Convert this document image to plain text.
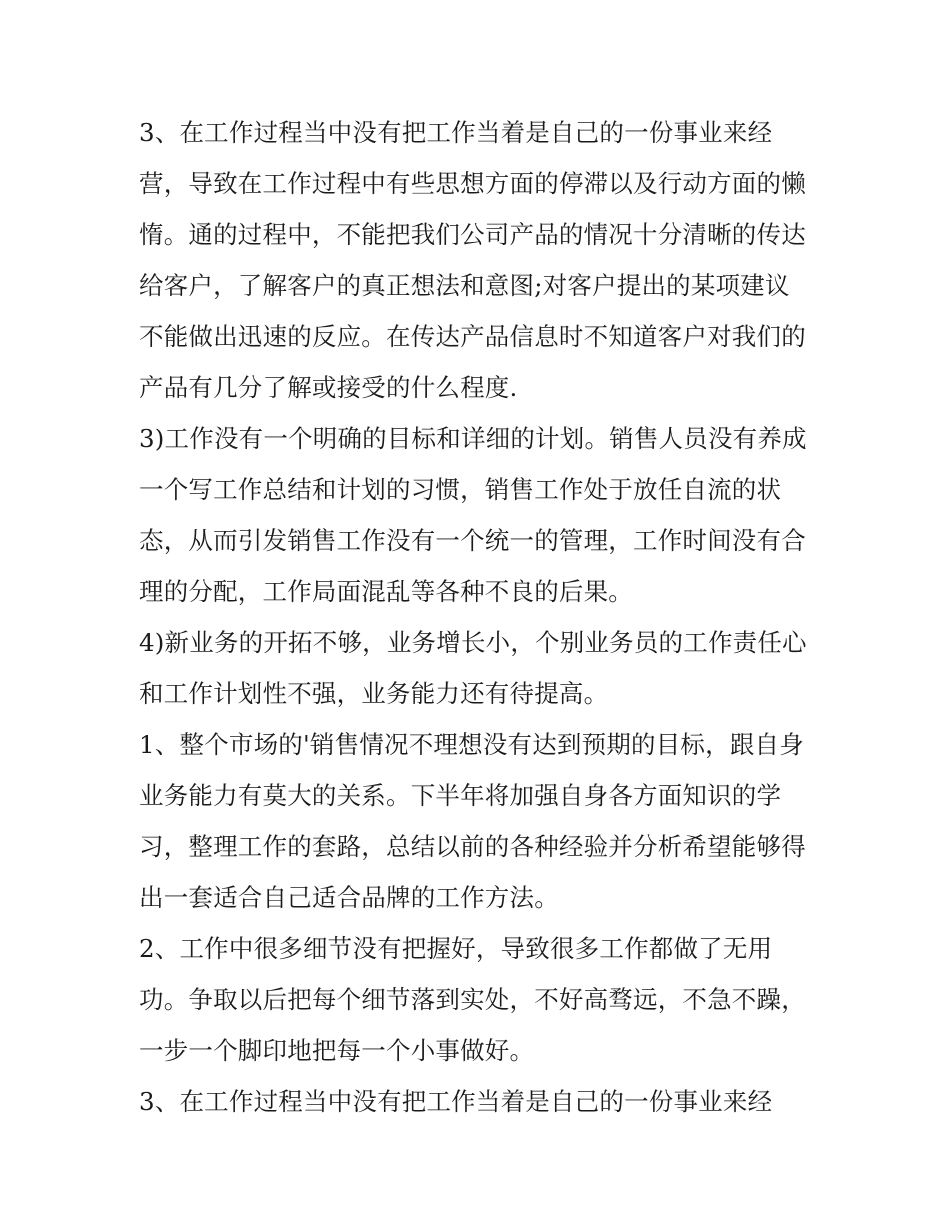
3、在工作过程当中没有把工作当着是自己的一份事业来经
营，导致在工作过程中有些思想方面的停滞以及行动方面的懒
惰。通的过程中，不能把我们公司产品的情况十分清晰的传达
给客户，了解客户的真正想法和意图;对客户提出的某项建议
不能做出迅速的反应。在传达产品信息时不知道客户对我们的
产品有几分了解或接受的什么程度.

3)工作没有一个明确的目标和详细的计划。销售人员没有养成
一个写工作总结和计划的习惯，销售工作处于放任自流的状
态，从而引发销售工作没有一个统一的管理，工作时间没有合
理的分配，工作局面混乱等各种不良的后果。

4)新业务的开拓不够，业务增长小，个别业务员的工作责任心
和工作计划性不强，业务能力还有待提高。

1、整个市场的'销售情况不理想没有达到预期的目标，跟自身
业务能力有莫大的关系。下半年将加强自身各方面知识的学
习，整理工作的套路，总结以前的各种经验并分析希望能够得
出一套适合自己适合品牌的工作方法。

2、工作中很多细节没有把握好，导致很多工作都做了无用
功。争取以后把每个细节落到实处，不好高骛远，不急不躁，
一步一个脚印地把每一个小事做好。

3、在工作过程当中没有把工作当着是自己的一份事业来经
